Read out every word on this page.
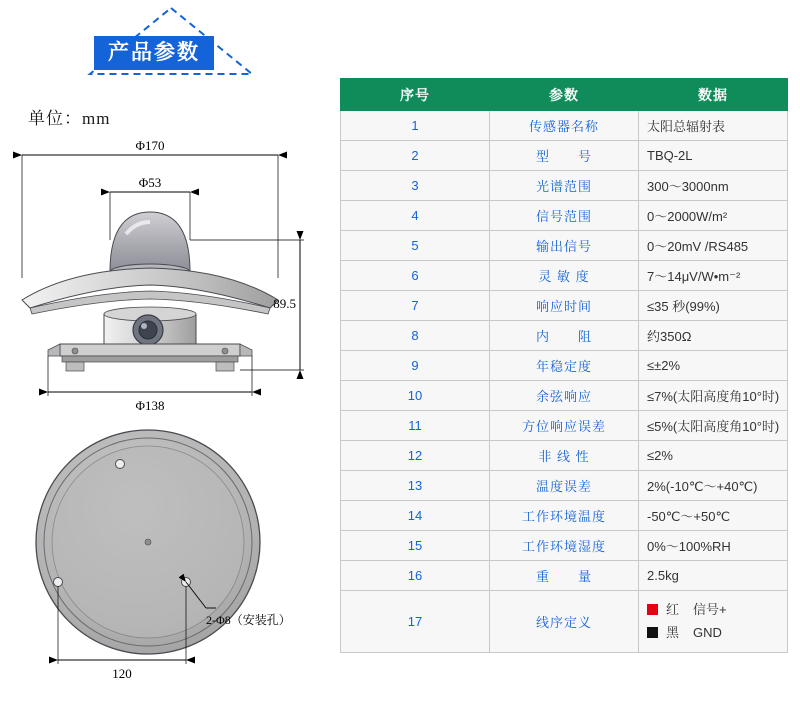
产品参数
单位：mm
Φ170
Φ53
89.5
Φ138
2-Φ8（安装孔）
120
序号	参数	数据
1	传感器名称	太阳总辐射表
2	型　　号	TBQ-2L
3	光谱范围	300～3000nm
4	信号范围	0～2000W/m²
5	输出信号	0～20mV /RS485
6	灵 敏 度	7～14μV/W•m⁻²
7	响应时间	≤35 秒(99%)
8	内　　阻	约350Ω
9	年稳定度	≤±2%
10	余弦响应	≤7%(太阳高度角10°时)
11	方位响应误差	≤5%(太阳高度角10°时)
12	非 线 性	≤2%
13	温度误差	2%(-10℃～+40℃)
14	工作环境温度	-50℃～+50℃
15	工作环境湿度	0%～100%RH
16	重　　量	2.5kg
17	线序定义	红 信号+
黑 GND
